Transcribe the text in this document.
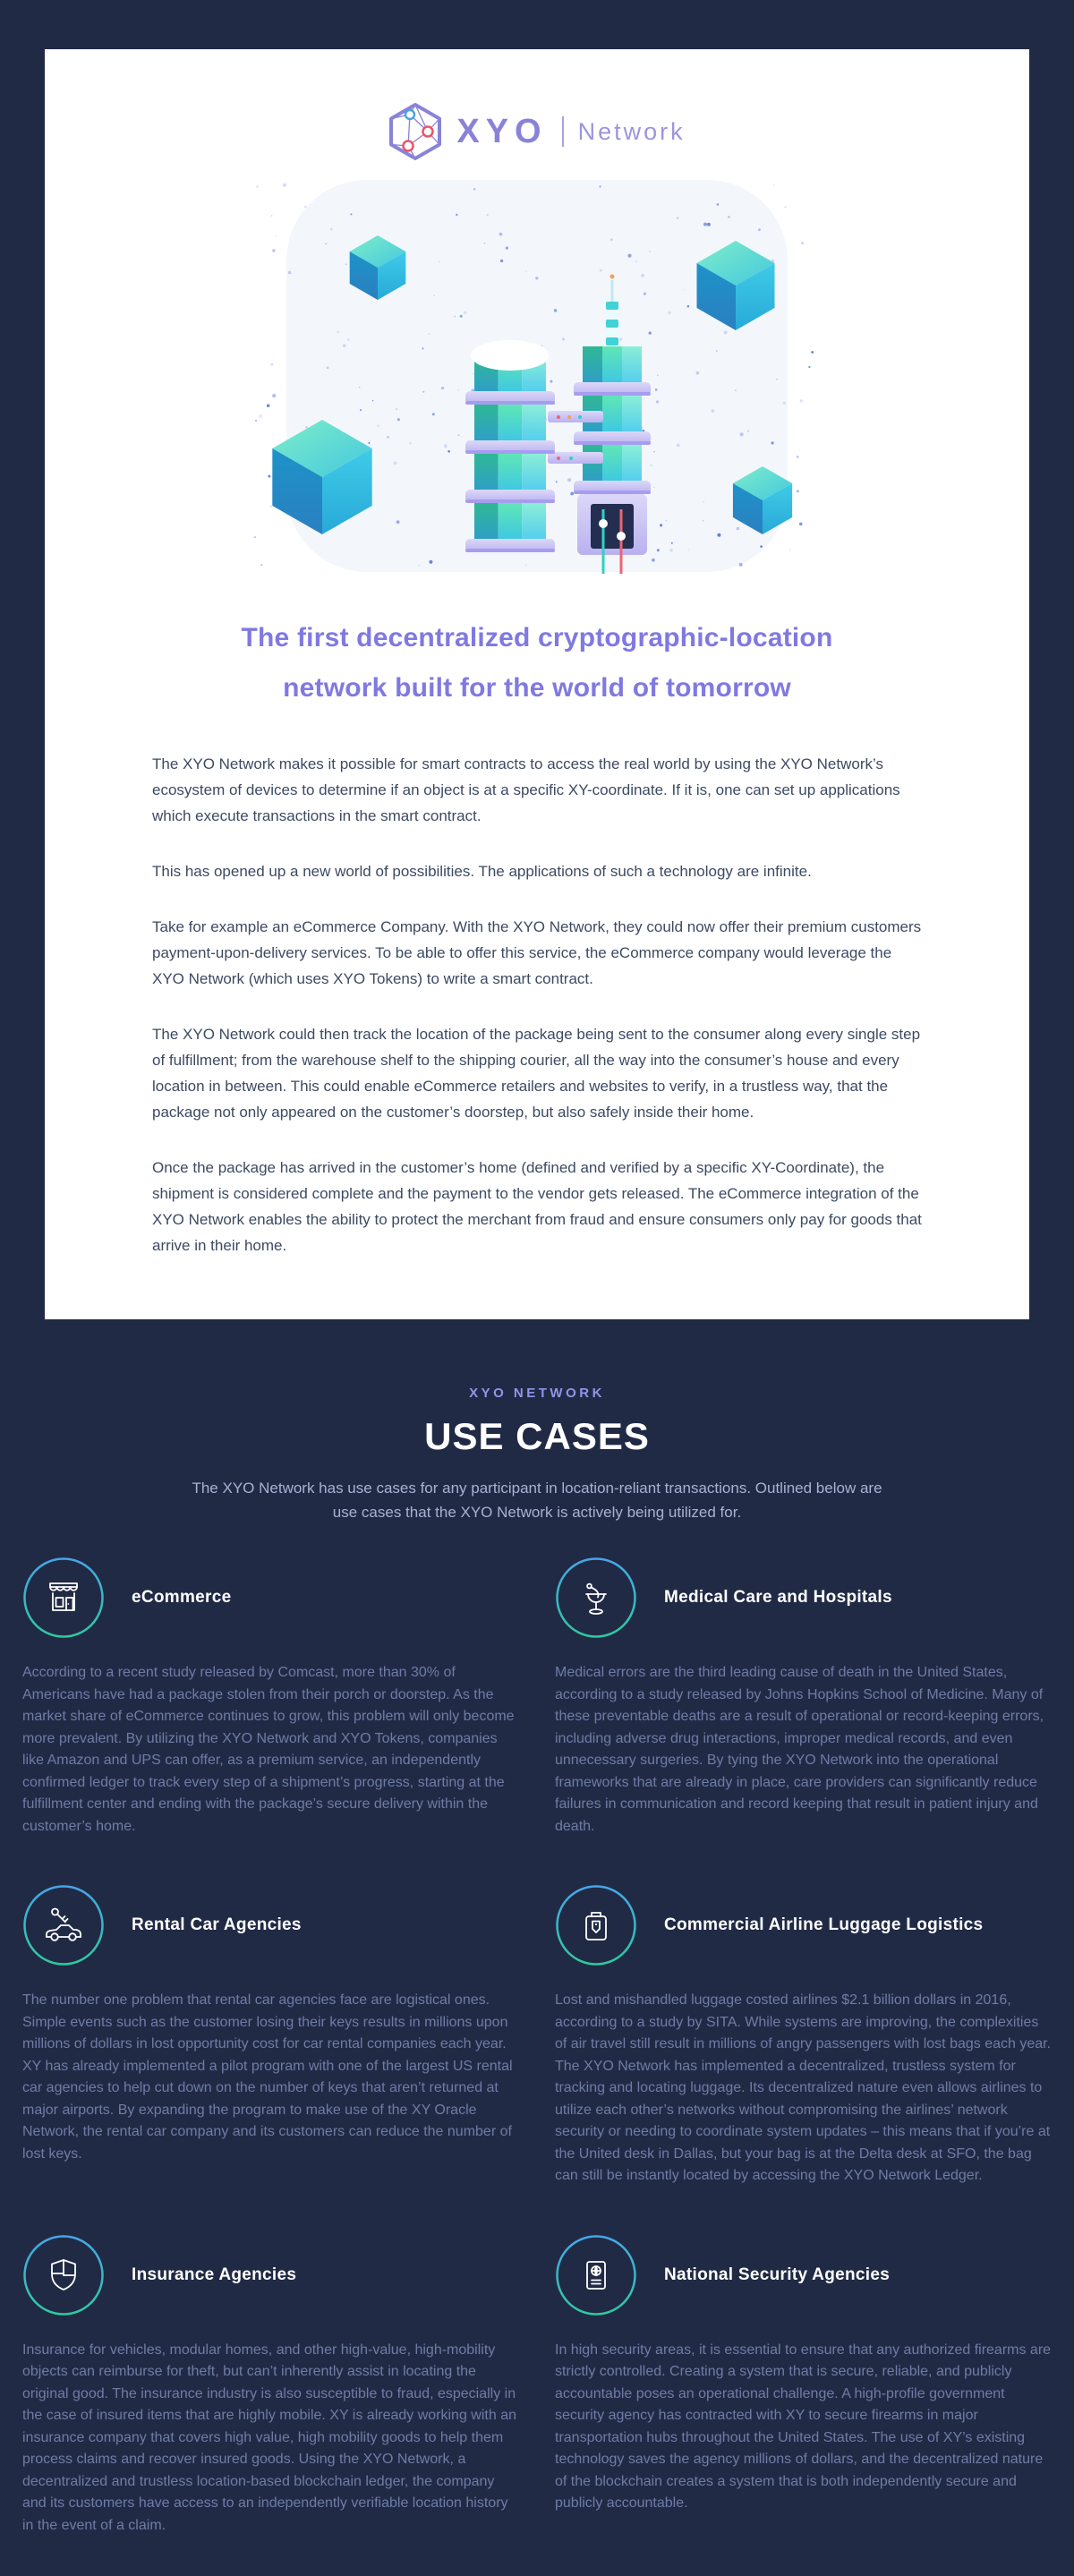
XYO Network
The first decentralized cryptographic-location
network built for the world of tomorrow

The XYO Network makes it possible for smart contracts to access the real world by using the XYO Network’s ecosystem of devices to determine if an object is at a specific XY-coordinate. If it is, one can set up applications which execute transactions in the smart contract.

This has opened up a new world of possibilities. The applications of such a technology are infinite.

Take for example an eCommerce Company. With the XYO Network, they could now offer their premium customers payment-upon-delivery services. To be able to offer this service, the eCommerce company would leverage the XYO Network (which uses XYO Tokens) to write a smart contract.

The XYO Network could then track the location of the package being sent to the consumer along every single step of fulfillment; from the warehouse shelf to the shipping courier, all the way into the consumer’s house and every location in between. This could enable eCommerce retailers and websites to verify, in a trustless way, that the package not only appeared on the customer’s doorstep, but also safely inside their home.

Once the package has arrived in the customer’s home (defined and verified by a specific XY-Coordinate), the shipment is considered complete and the payment to the vendor gets released. The eCommerce integration of the XYO Network enables the ability to protect the merchant from fraud and ensure consumers only pay for goods that arrive in their home.

XYO NETWORK
USE CASES

The XYO Network has use cases for any participant in location-reliant transactions. Outlined below are use cases that the XYO Network is actively being utilized for.

eCommerce

According to a recent study released by Comcast, more than 30% of Americans have had a package stolen from their porch or doorstep. As the market share of eCommerce continues to grow, this problem will only become more prevalent. By utilizing the XYO Network and XYO Tokens, companies like Amazon and UPS can offer, as a premium service, an independently confirmed ledger to track every step of a shipment’s progress, starting at the fulfillment center and ending with the package’s secure delivery within the customer’s home.

Medical Care and Hospitals

Medical errors are the third leading cause of death in the United States, according to a study released by Johns Hopkins School of Medicine. Many of these preventable deaths are a result of operational or record-keeping errors, including adverse drug interactions, improper medical records, and even unnecessary surgeries. By tying the XYO Network into the operational frameworks that are already in place, care providers can significantly reduce failures in communication and record keeping that result in patient injury and death.

Rental Car Agencies

The number one problem that rental car agencies face are logistical ones. Simple events such as the customer losing their keys results in millions upon millions of dollars in lost opportunity cost for car rental companies each year. XY has already implemented a pilot program with one of the largest US rental car agencies to help cut down on the number of keys that aren’t returned at major airports. By expanding the program to make use of the XY Oracle Network, the rental car company and its customers can reduce the number of lost keys.

Commercial Airline Luggage Logistics

Lost and mishandled luggage costed airlines $2.1 billion dollars in 2016, according to a study by SITA. While systems are improving, the complexities of air travel still result in millions of angry passengers with lost bags each year. The XYO Network has implemented a decentralized, trustless system for tracking and locating luggage. Its decentralized nature even allows airlines to utilize each other’s networks without compromising the airlines’ network security or needing to coordinate system updates – this means that if you’re at the United desk in Dallas, but your bag is at the Delta desk at SFO, the bag can still be instantly located by accessing the XYO Network Ledger.

Insurance Agencies

Insurance for vehicles, modular homes, and other high-value, high-mobility objects can reimburse for theft, but can’t inherently assist in locating the original good. The insurance industry is also susceptible to fraud, especially in the case of insured items that are highly mobile. XY is already working with an insurance company that covers high value, high mobility goods to help them process claims and recover insured goods. Using the XYO Network, a decentralized and trustless location-based blockchain ledger, the company and its customers have access to an independently verifiable location history in the event of a claim.

National Security Agencies

In high security areas, it is essential to ensure that any authorized firearms are strictly controlled. Creating a system that is secure, reliable, and publicly accountable poses an operational challenge. A high-profile government security agency has contracted with XY to secure firearms in major transportation hubs throughout the United States. The use of XY’s existing technology saves the agency millions of dollars, and the decentralized nature of the blockchain creates a system that is both independently secure and publicly accountable.
